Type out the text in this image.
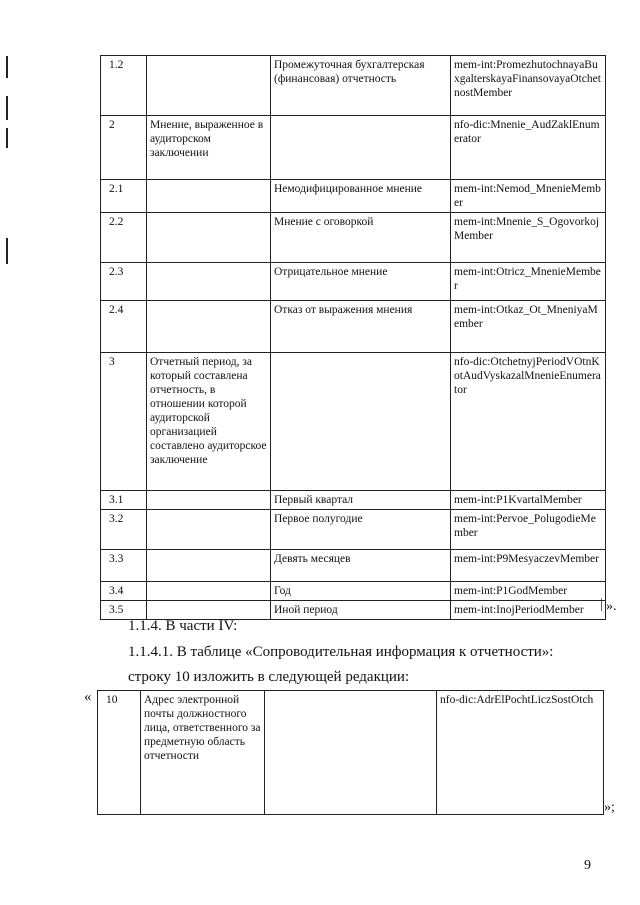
1.2		Промежуточная бухгалтерская (финансовая) отчетность	mem-int:PromezhutochnayaBuxgalterskayaFinansovayaOtchetnostMember
2	Мнение, выраженное в аудиторском заключении		nfo-dic:Mnenie_AudZaklEnumerator
2.1		Немодифицированное мнение	mem-int:Nemod_MnenieMember
2.2		Мнение с оговоркой	mem-int:Mnenie_S_OgovorkojMember
2.3		Отрицательное мнение	mem-int:Otricz_MnenieMember
2.4		Отказ от выражения мнения	mem-int:Otkaz_Ot_MneniyaMember
3	Отчетный период, за который составлена отчетность, в отношении которой аудиторской организацией составлено аудиторское заключение		nfo-dic:OtchetnyjPeriodVOtnKotAudVyskazalMnenieEnumerator
3.1		Первый квартал	mem-int:P1KvartalMember
3.2		Первое полугодие	mem-int:Pervoe_PolugodieMember
3.3		Девять месяцев	mem-int:P9MesyaczevMember
3.4		Год	mem-int:P1GodMember
3.5		Иной период	mem-int:InojPeriodMember | ».
1.1.4. В части IV:
1.1.4.1. В таблице «Сопроводительная информация к отчетности»:
строку 10 изложить в следующей редакции:
« 10	Адрес электронной почты должностного лица, ответственного за предметную область отчетности		nfo-dic:AdrElPochtLiczSostOtch
»;
9
